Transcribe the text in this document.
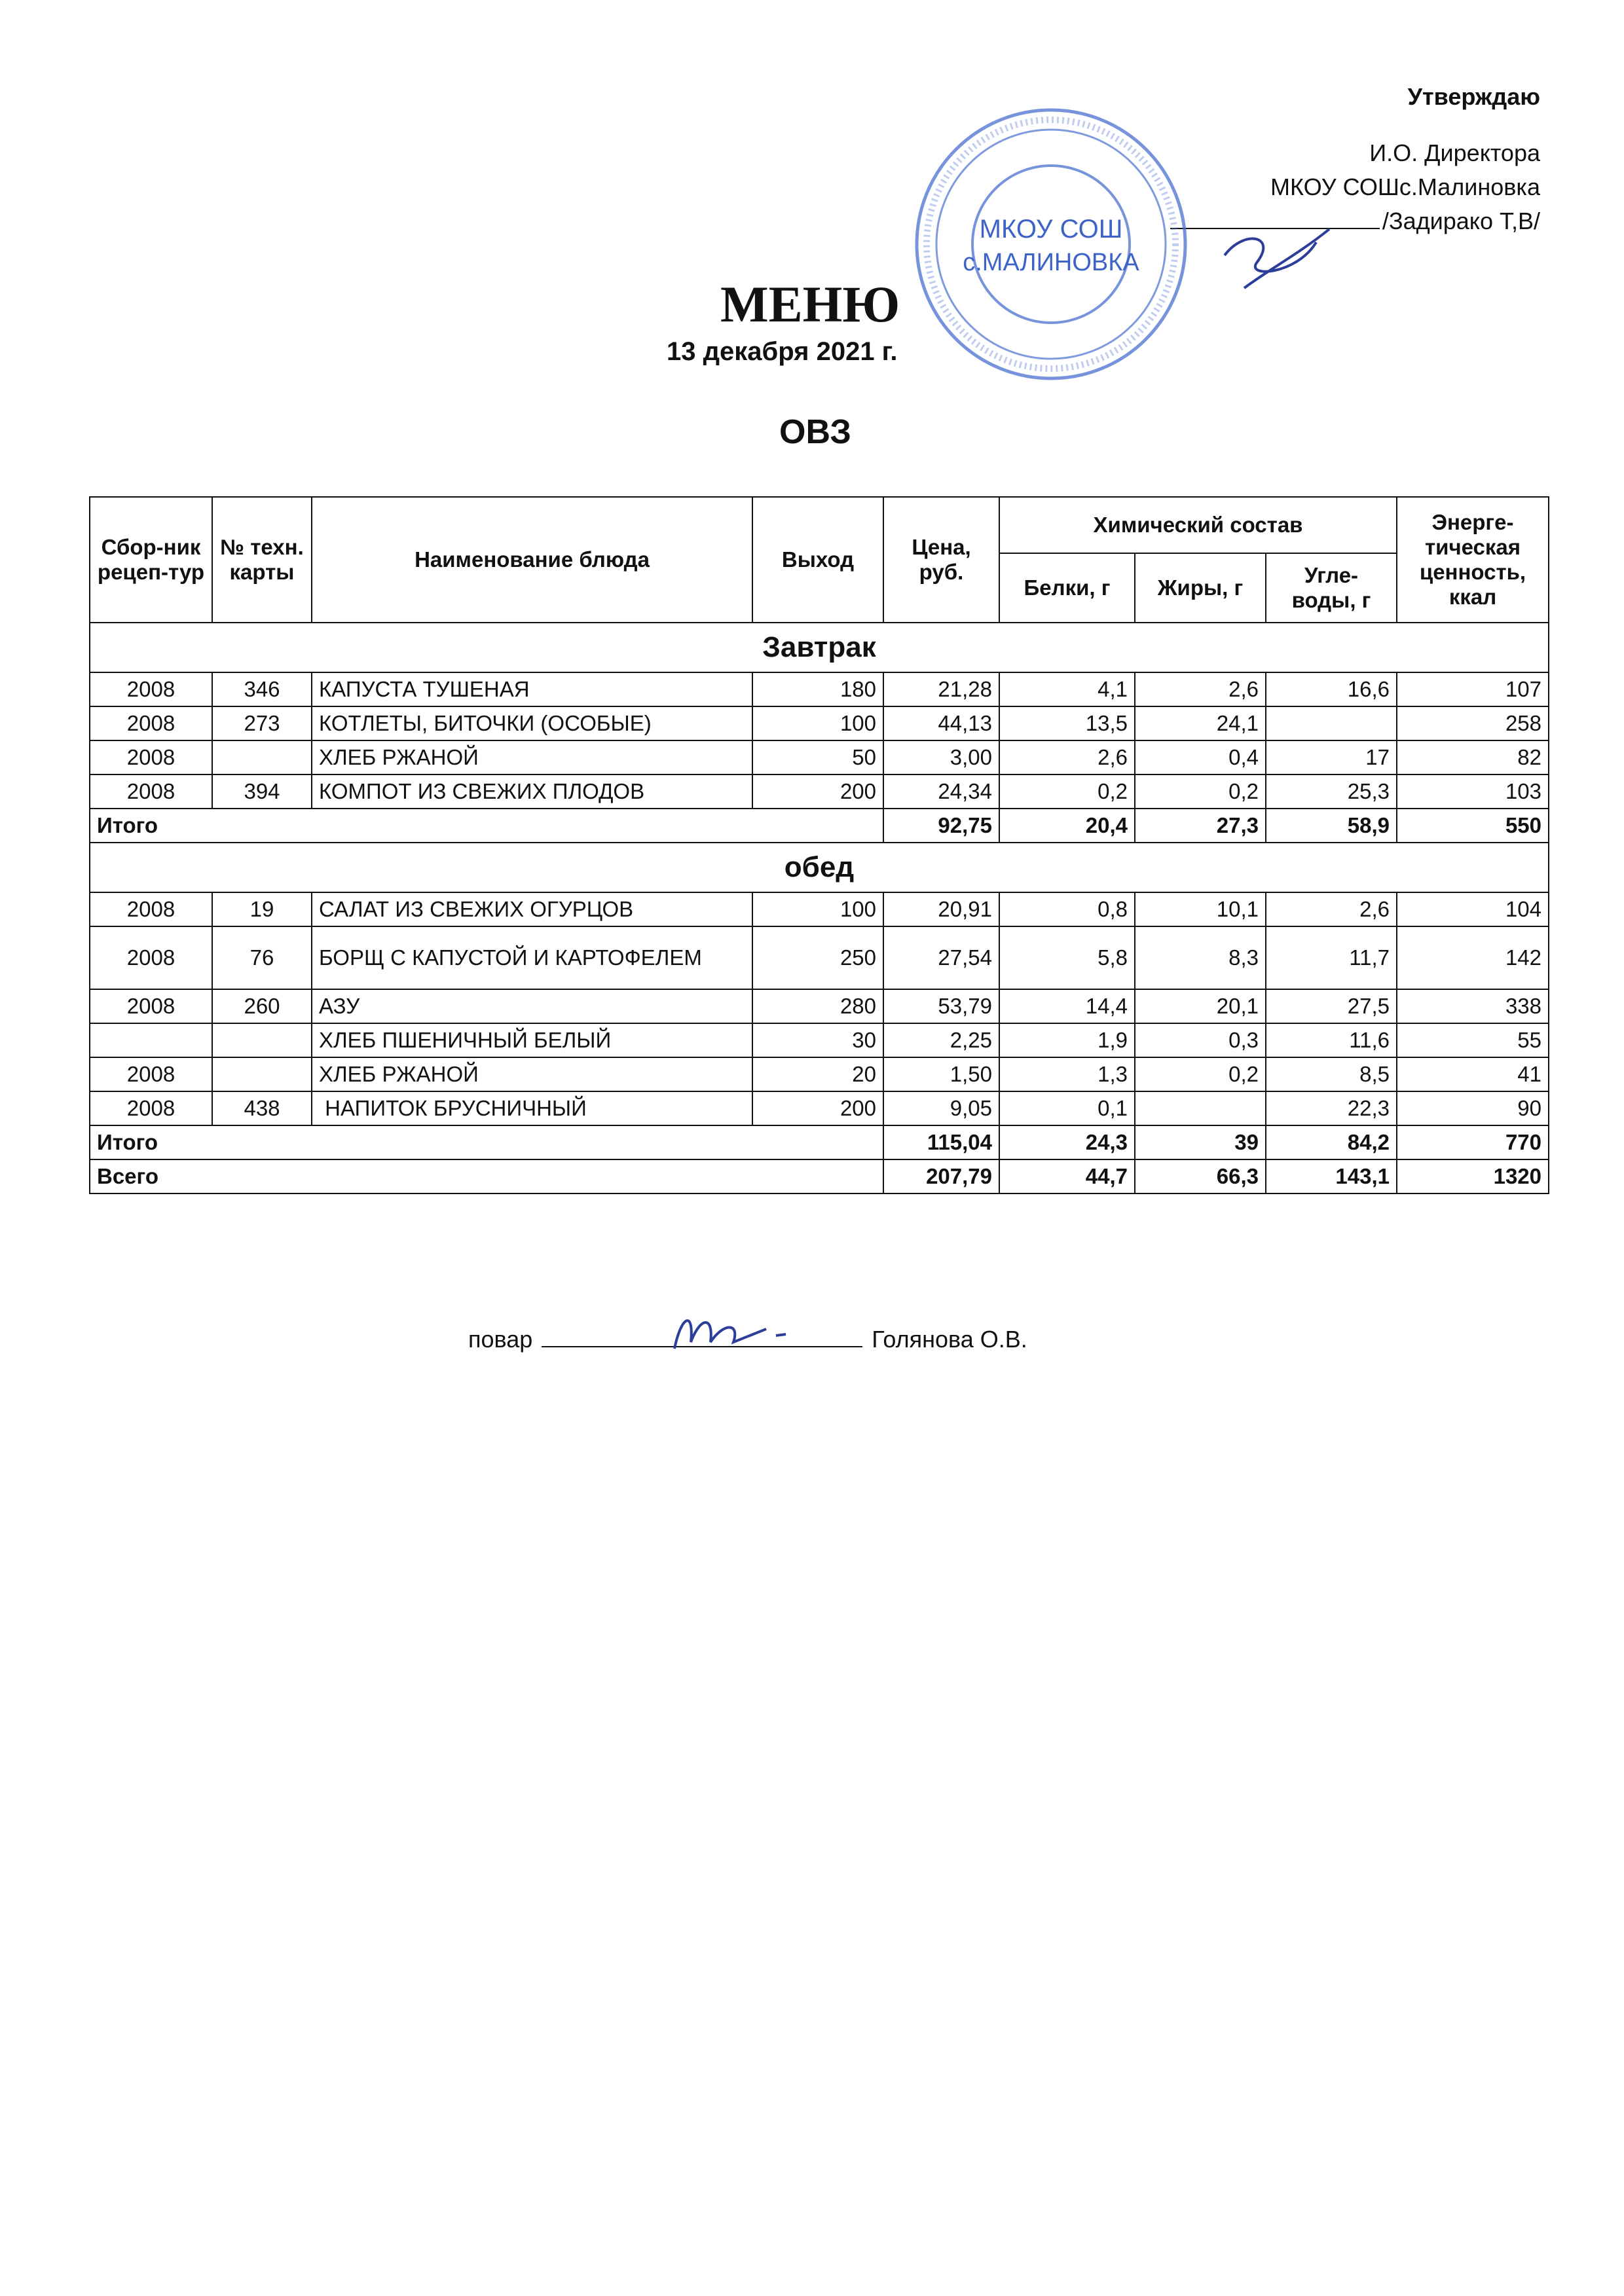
Утверждаю
И.О. Директора
МКОУ СОШс.Малиновка
/Задирако Т,В/
МКОУ СОШ
с.МАЛИНОВКА
МЕНЮ
13 декабря 2021 г.
ОВЗ
Сбор-ник рецеп-тур	№ техн. карты	Наименование блюда	Выход	Цена, руб.	Химический состав			Энерге-тическая ценность, ккал
					Белки, г	Жиры, г	Угле-воды, г	
Завтрак								
2008	346	КАПУСТА ТУШЕНАЯ	180	21,28	4,1	2,6	16,6	107
2008	273	КОТЛЕТЫ, БИТОЧКИ (ОСОБЫЕ)	100	44,13	13,5	24,1		258
2008		ХЛЕБ РЖАНОЙ	50	3,00	2,6	0,4	17	82
2008	394	КОМПОТ ИЗ СВЕЖИХ ПЛОДОВ	200	24,34	0,2	0,2	25,3	103
Итого				92,75	20,4	27,3	58,9	550
обед								
2008	19	САЛАТ ИЗ СВЕЖИХ ОГУРЦОВ	100	20,91	0,8	10,1	2,6	104
2008	76	БОРЩ С КАПУСТОЙ И КАРТОФЕЛЕМ	250	27,54	5,8	8,3	11,7	142
2008	260	АЗУ	280	53,79	14,4	20,1	27,5	338
		ХЛЕБ ПШЕНИЧНЫЙ БЕЛЫЙ	30	2,25	1,9	0,3	11,6	55
2008		ХЛЕБ РЖАНОЙ	20	1,50	1,3	0,2	8,5	41
2008	438	НАПИТОК БРУСНИЧНЫЙ	200	9,05	0,1		22,3	90
Итого				115,04	24,3	39	84,2	770
Всего				207,79	44,7	66,3	143,1	1320
повар	Голянова О.В.
